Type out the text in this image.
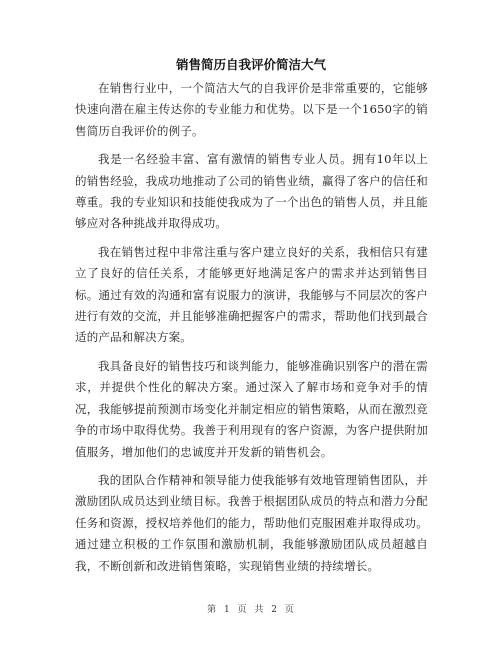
销售简历自我评价简洁大气

在销售行业中，一个简洁大气的自我评价是非常重要的，它能够快速向潜在雇主传达你的专业能力和优势。以下是一个1650字的销售简历自我评价的例子。

我是一名经验丰富、富有激情的销售专业人员。拥有10年以上的销售经验，我成功地推动了公司的销售业绩，赢得了客户的信任和尊重。我的专业知识和技能使我成为了一个出色的销售人员，并且能够应对各种挑战并取得成功。

我在销售过程中非常注重与客户建立良好的关系，我相信只有建立了良好的信任关系，才能够更好地满足客户的需求并达到销售目标。通过有效的沟通和富有说服力的演讲，我能够与不同层次的客户进行有效的交流，并且能够准确把握客户的需求，帮助他们找到最合适的产品和解决方案。

我具备良好的销售技巧和谈判能力，能够准确识别客户的潜在需求，并提供个性化的解决方案。通过深入了解市场和竞争对手的情况，我能够提前预测市场变化并制定相应的销售策略，从而在激烈竞争的市场中取得优势。我善于利用现有的客户资源，为客户提供附加值服务，增加他们的忠诚度并开发新的销售机会。

我的团队合作精神和领导能力使我能够有效地管理销售团队，并激励团队成员达到业绩目标。我善于根据团队成员的特点和潜力分配任务和资源，授权培养他们的能力，帮助他们克服困难并取得成功。通过建立积极的工作氛围和激励机制，我能够激励团队成员超越自我，不断创新和改进销售策略，实现销售业绩的持续增长。

第 1 页 共 2 页
